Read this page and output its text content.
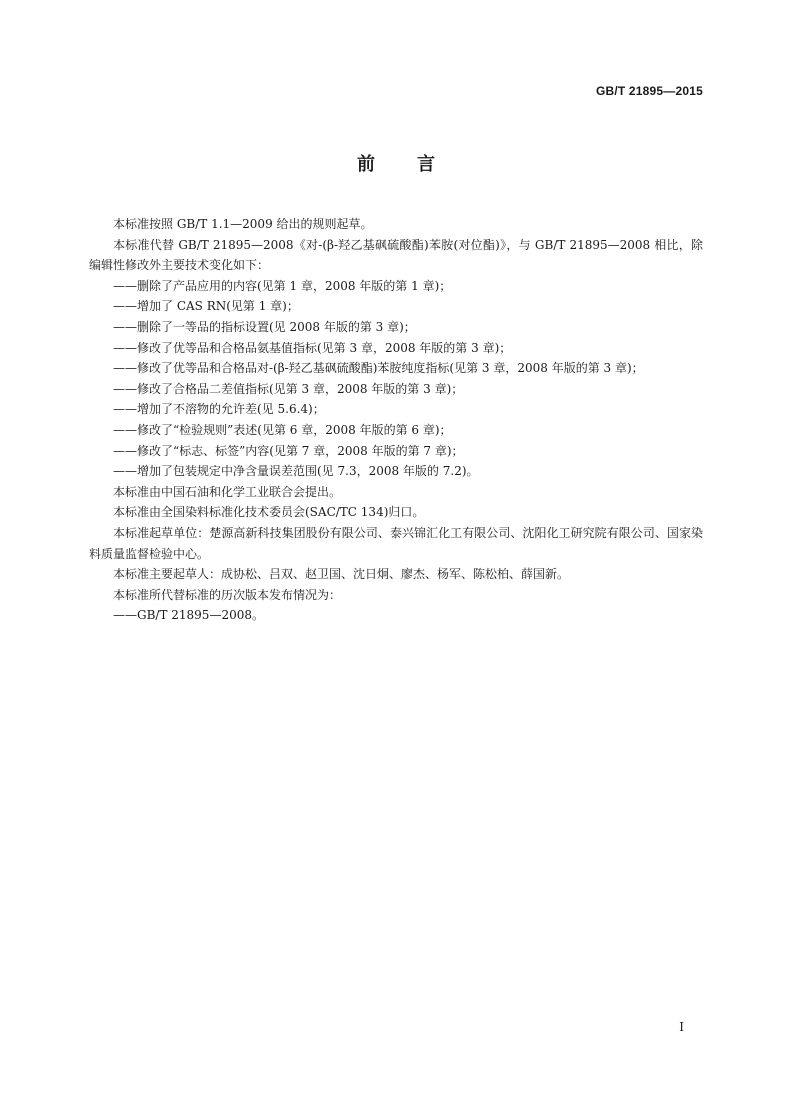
GB/T 21895—2015
前言

本标准按照 GB/T 1.1—2009 给出的规则起草。

本标准代替 GB/T 21895—2008《对-(β-羟乙基砜硫酸酯)苯胺(对位酯)》，与 GB/T 21895—2008 相比，除编辑性修改外主要技术变化如下：

——删除了产品应用的内容(见第 1 章，2008 年版的第 1 章)；

——增加了 CAS RN(见第 1 章)；

——删除了一等品的指标设置(见 2008 年版的第 3 章)；

——修改了优等品和合格品氨基值指标(见第 3 章，2008 年版的第 3 章)；

——修改了优等品和合格品对-(β-羟乙基砜硫酸酯)苯胺纯度指标(见第 3 章，2008 年版的第 3 章)；

——修改了合格品二差值指标(见第 3 章，2008 年版的第 3 章)；

——增加了不溶物的允许差(见 5.6.4)；

——修改了“检验规则”表述(见第 6 章，2008 年版的第 6 章)；

——修改了“标志、标签”内容(见第 7 章，2008 年版的第 7 章)；

——增加了包装规定中净含量误差范围(见 7.3，2008 年版的 7.2)。

本标准由中国石油和化学工业联合会提出。

本标准由全国染料标准化技术委员会(SAC/TC 134)归口。

本标准起草单位：楚源高新科技集团股份有限公司、泰兴锦汇化工有限公司、沈阳化工研究院有限公司、国家染料质量监督检验中心。

本标准主要起草人：成协松、吕双、赵卫国、沈日炯、廖杰、杨军、陈松柏、薛国新。

本标准所代替标准的历次版本发布情况为：

——GB/T 21895—2008。

I
